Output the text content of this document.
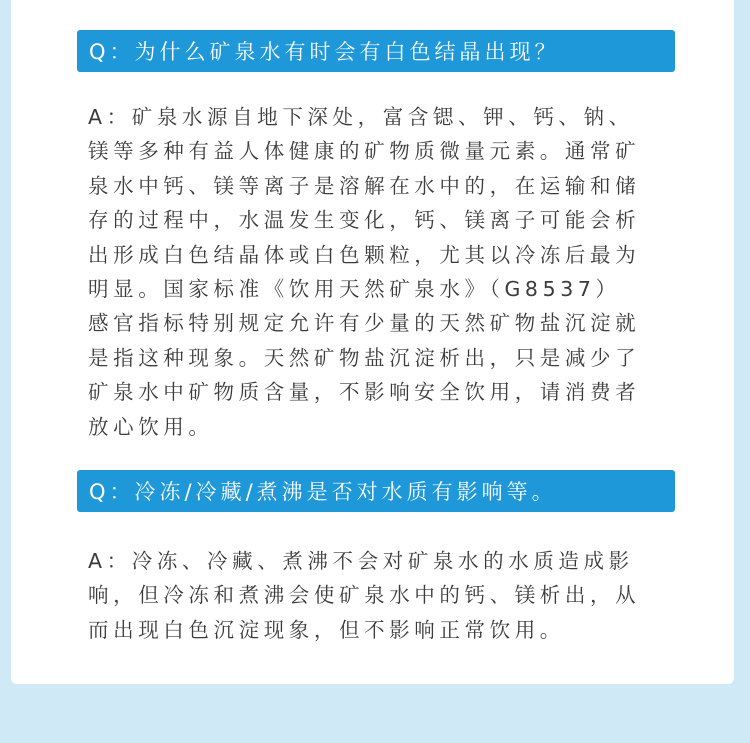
Q：为什么矿泉水有时会有白色结晶出现？
A：矿泉水源自地下深处，富含锶、钾、钙、钠、
镁等多种有益人体健康的矿物质微量元素。通常矿
泉水中钙、镁等离子是溶解在水中的，在运输和储
存的过程中，水温发生变化，钙、镁离子可能会析
出形成白色结晶体或白色颗粒，尤其以冷冻后最为
明显。国家标准《饮用天然矿泉水》（G8537）
感官指标特别规定允许有少量的天然矿物盐沉淀就
是指这种现象。天然矿物盐沉淀析出，只是减少了
矿泉水中矿物质含量，不影响安全饮用，请消费者
放心饮用。
Q：冷冻/冷藏/煮沸是否对水质有影响等。
A：冷冻、冷藏、煮沸不会对矿泉水的水质造成影
响，但冷冻和煮沸会使矿泉水中的钙、镁析出，从
而出现白色沉淀现象，但不影响正常饮用。
